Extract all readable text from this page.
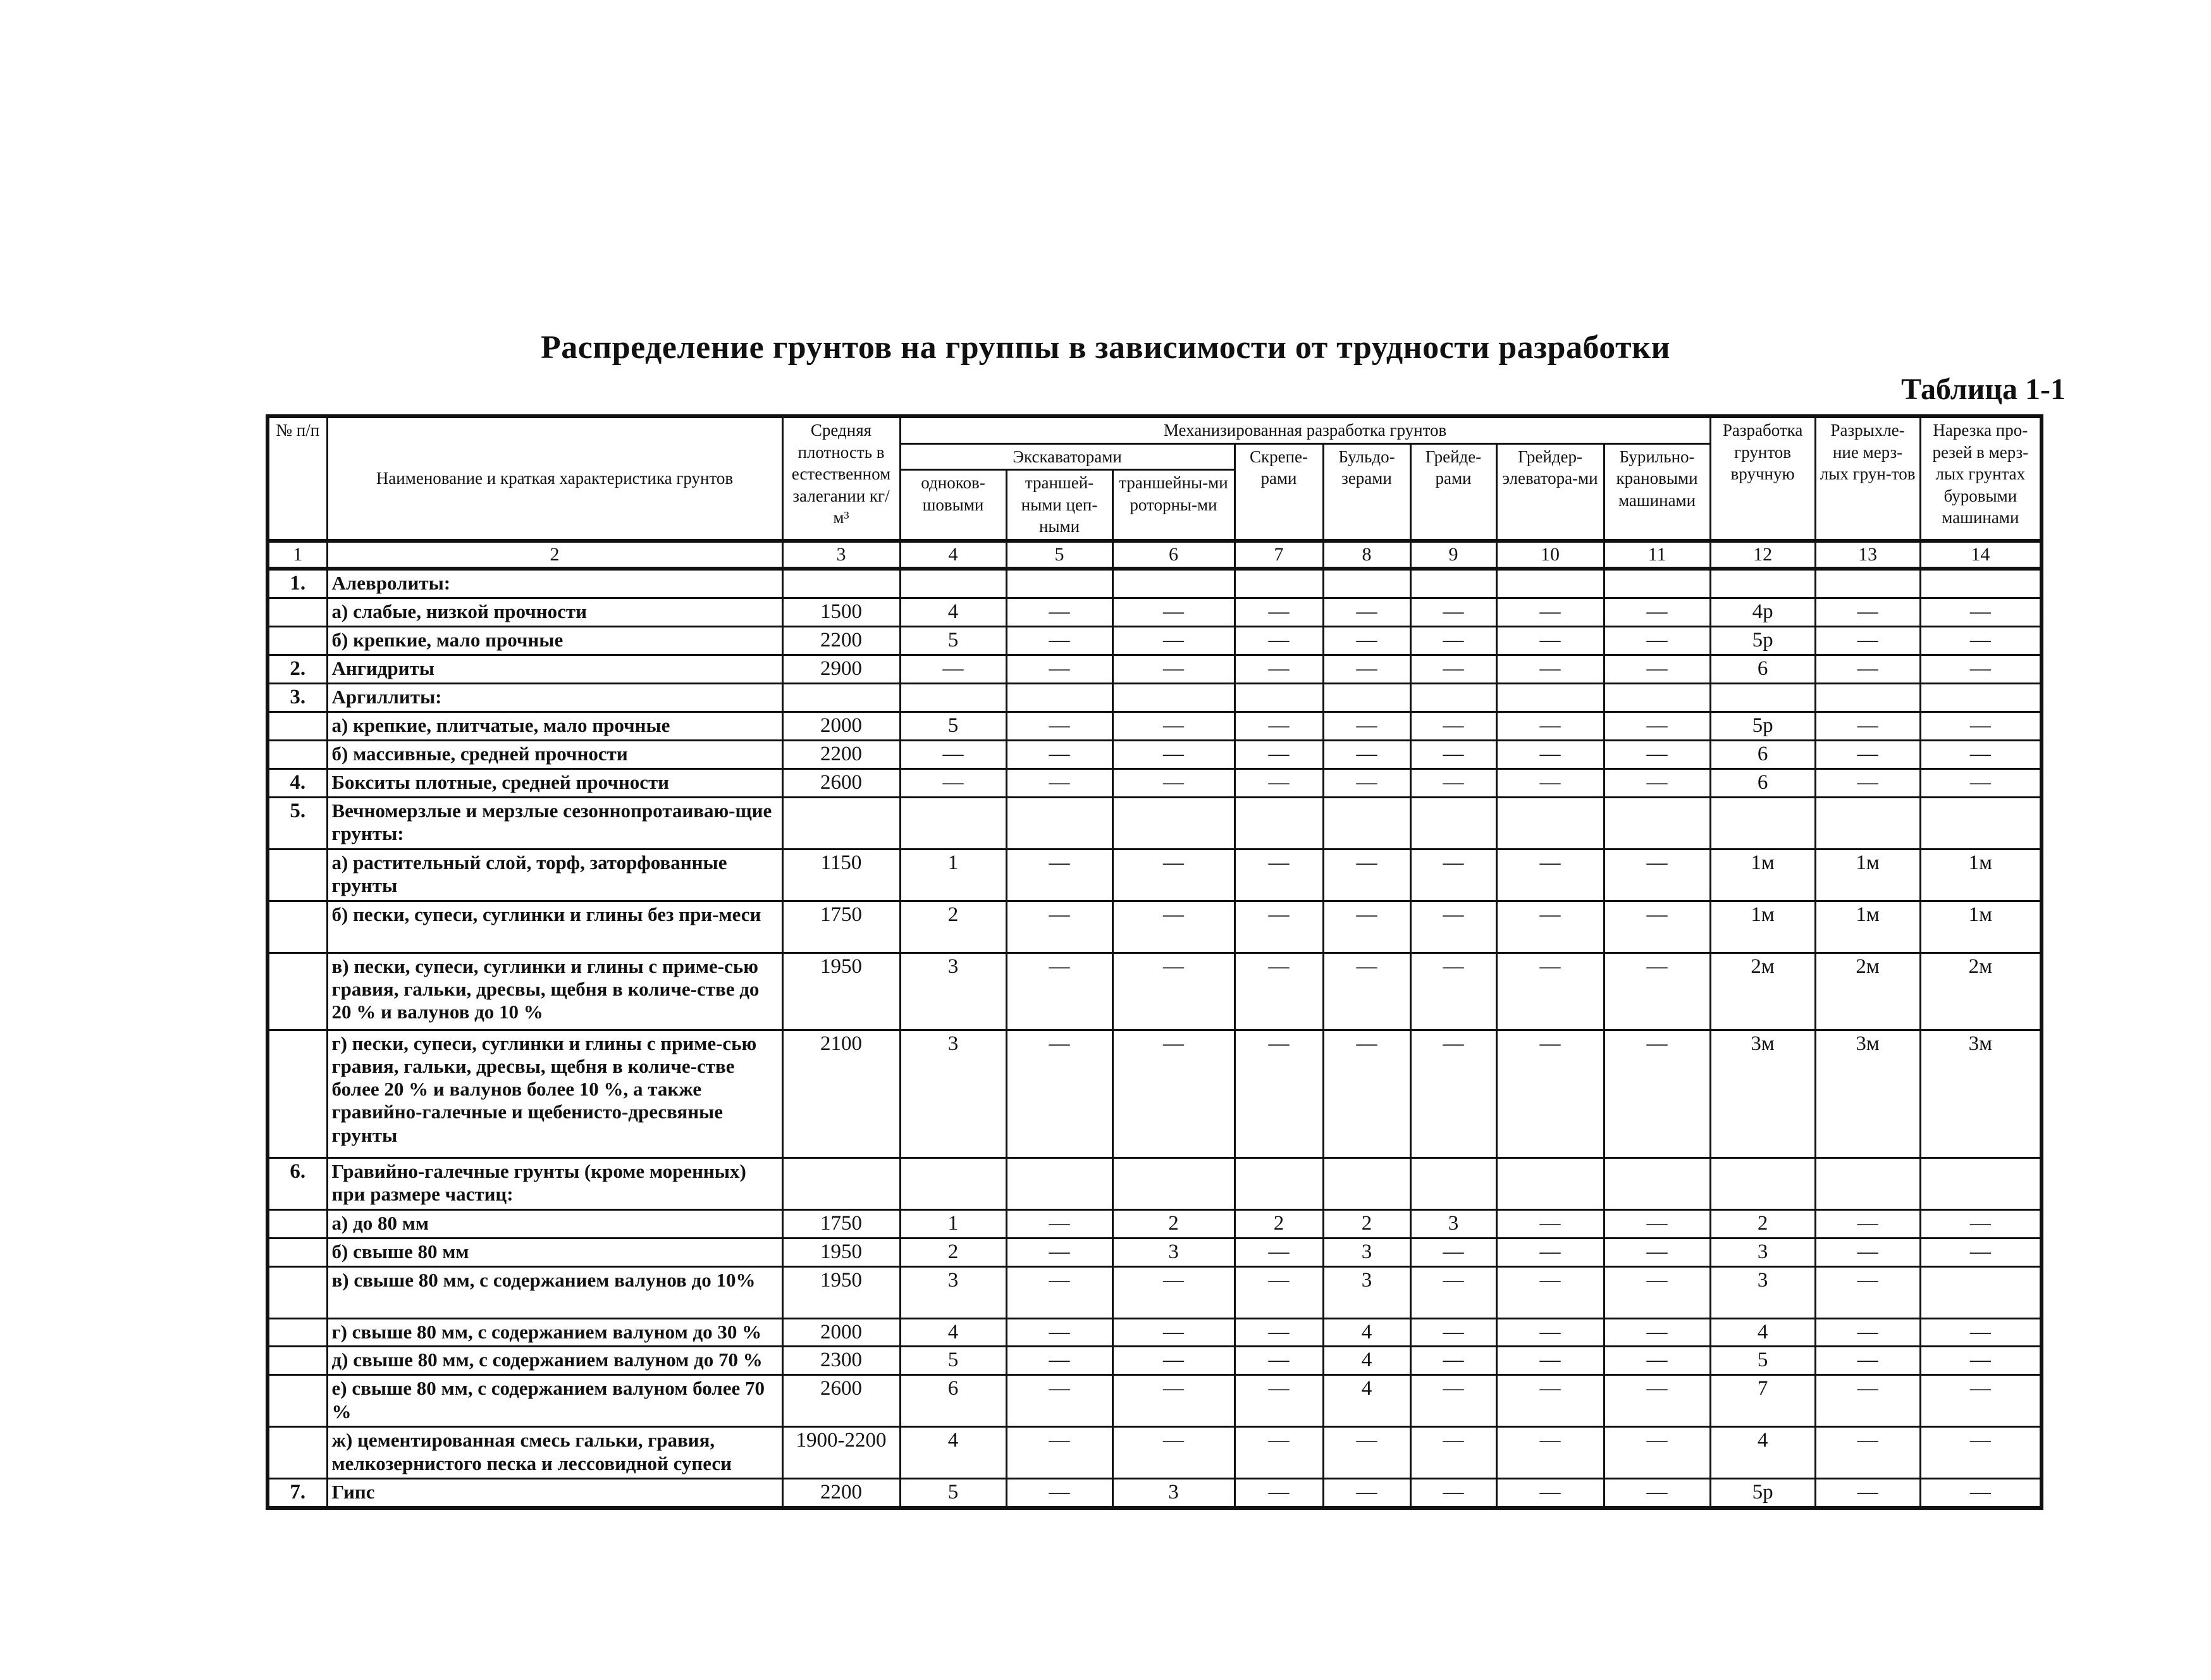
Распределение грунтов на группы в зависимости от трудности разработки
Таблица 1-1
№ п/п	Наименование и краткая характеристика грунтов	Средняя плотность в естественном залегании кг/м³	Механизированная разработка грунтов								Разработка грунтов вручную	Разрыхле-ние мерз-лых грун-тов	Нарезка про-резей в мерз-лых грунтах буровыми машинами
			Экскаваторами			Скрепе-рами	Бульдо-зерами	Грейде-рами	Грейдер-элеватора-ми	Бурильно-крановыми машинами			
			одноков-шовыми	траншей-ными цеп-ными	траншейны-ми роторны-ми								
1	2	3	4	5	6	7	8	9	10	11	12	13	14
1.	Алевролиты:												
	а) слабые, низкой прочности	1500	4	—	—	—	—	—	—	—	4р	—	—
	б) крепкие, мало прочные	2200	5	—	—	—	—	—	—	—	5р	—	—
2.	Ангидриты	2900	—	—	—	—	—	—	—	—	6	—	—
3.	Аргиллиты:												
	а) крепкие, плитчатые, мало прочные	2000	5	—	—	—	—	—	—	—	5р	—	—
	б) массивные, средней прочности	2200	—	—	—	—	—	—	—	—	6	—	—
4.	Бокситы плотные, средней прочности	2600	—	—	—	—	—	—	—	—	6	—	—
5.	Вечномерзлые и мерзлые сезоннопротаиваю-щие грунты:												
	а) растительный слой, торф, заторфованные грунты	1150	1	—	—	—	—	—	—	—	1м	1м	1м
	б) пески, супеси, суглинки и глины без при-меси	1750	2	—	—	—	—	—	—	—	1м	1м	1м
	в) пески, супеси, суглинки и глины с приме-сью гравия, гальки, дресвы, щебня в количе-стве до 20 % и валунов до 10 %	1950	3	—	—	—	—	—	—	—	2м	2м	2м
	г) пески, супеси, суглинки и глины с приме-сью гравия, гальки, дресвы, щебня в количе-стве более 20 % и валунов более 10 %, а также гравийно-галечные и щебенисто-дресвяные грунты	2100	3	—	—	—	—	—	—	—	3м	3м	3м
6.	Гравийно-галечные грунты (кроме моренных) при размере частиц:												
	а) до 80 мм	1750	1	—	2	2	2	3	—	—	2	—	—
	б) свыше 80 мм	1950	2	—	3	—	3	—	—	—	3	—	—
	в) свыше 80 мм, с содержанием валунов до 10%	1950	3	—	—	—	3	—	—	—	3	—	
	г) свыше 80 мм, с содержанием валуном до 30 %	2000	4	—	—	—	4	—	—	—	4	—	—
	д) свыше 80 мм, с содержанием валуном до 70 %	2300	5	—	—	—	4	—	—	—	5	—	—
	е) свыше 80 мм, с содержанием валуном более 70 %	2600	6	—	—	—	4	—	—	—	7	—	—
	ж) цементированная смесь гальки, гравия, мелкозернистого песка и лессовидной супеси	1900-2200	4	—	—	—	—	—	—	—	4	—	—
7.	Гипс	2200	5	—	3	—	—	—	—	—	5р	—	—
